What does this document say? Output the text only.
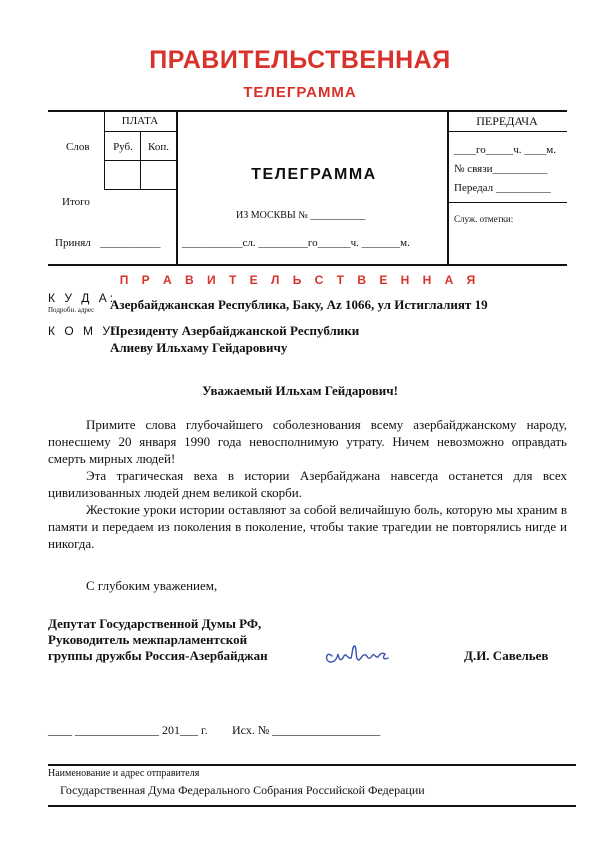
ПРАВИТЕЛЬСТВЕННАЯ
ТЕЛЕГРАММА
ПЛАТА
Слов	Руб.	Коп.
Итого
Принял ___________
ТЕЛЕГРАММА
ИЗ МОСКВЫ № ___________
___________сл. _________го______ч. _______м.
ПЕРЕДАЧА
____го_____ч. ____м.
№ связи__________
Передал __________
Служ. отметки:
П Р А В И Т Е Л Ь С Т В Е Н Н А Я
К У Д А:
Подробн. адрес Азербайджанская Республика, Баку, Az 1066, ул Истиглалият 19
К О М У:
Президенту Азербайджанской Республики
Алиеву Ильхаму Гейдаровичу
Уважаемый Ильхам Гейдарович!
Примите слова глубочайшего соболезнования всему азербайджанскому народу, понесшему 20 января 1990 года невосполнимую утрату. Ничем невозможно оправдать смерть мирных людей!
Эта трагическая веха в истории Азербайджана навсегда останется для всех цивилизованных людей днем великой скорби.
Жестокие уроки истории оставляют за собой величайшую боль, которую мы храним в памяти и передаем из поколения в поколение, чтобы такие трагедии не повторялись нигде и никогда.
С глубоким уважением,
Депутат Государственной Думы РФ,
Руководитель межпарламентской
группы дружбы Россия-Азербайджан	Д.И. Савельев
____ ______________ 201___ г. Исх. № __________________
Наименование и адрес отправителя
Государственная Дума Федерального Собрания Российской Федерации
